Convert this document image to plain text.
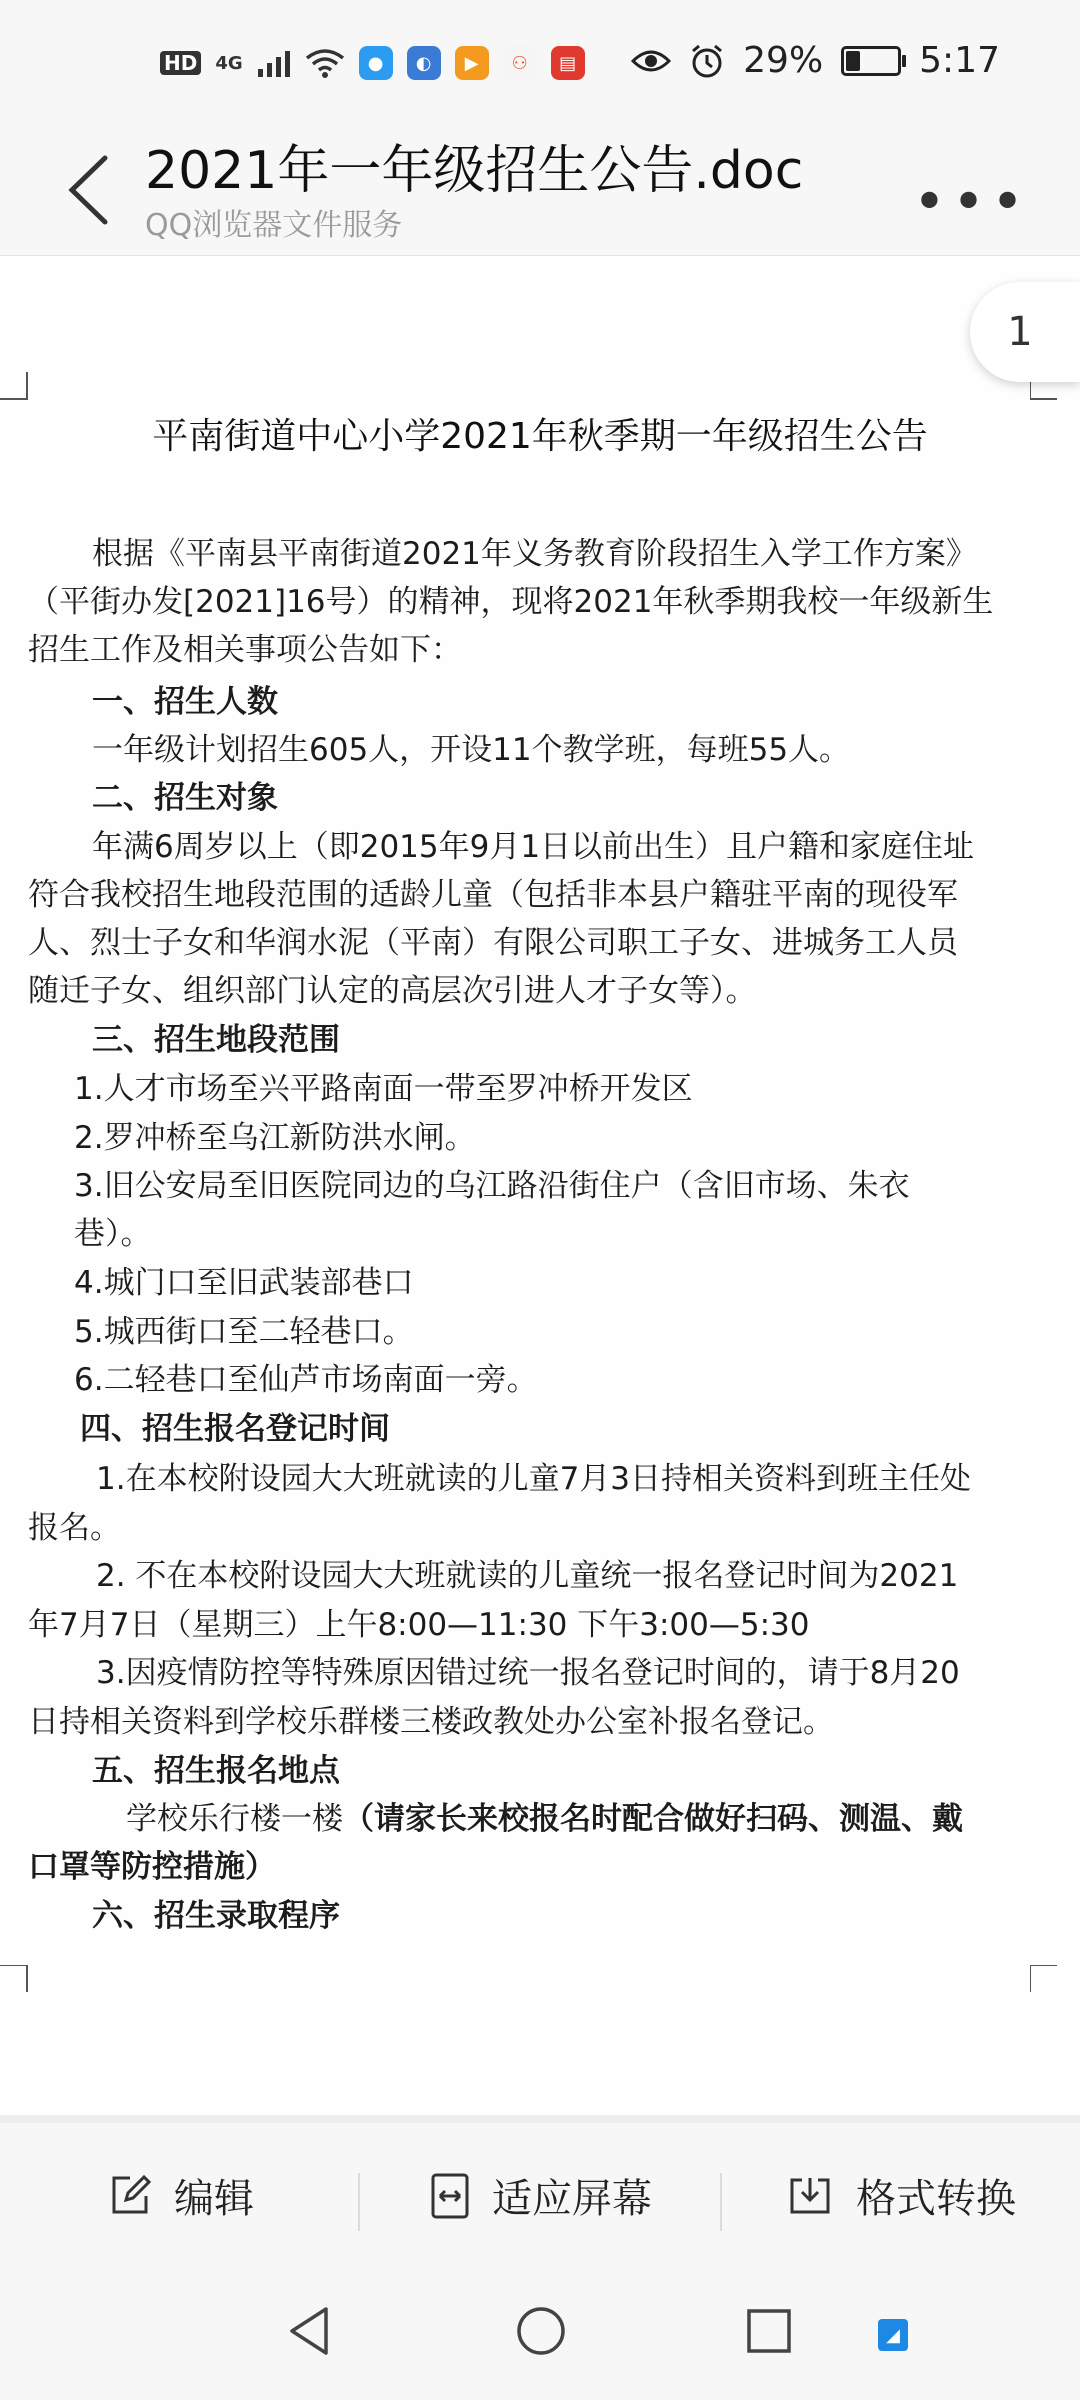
HD 4G	●	◐	▶	⚇	▤	29%	5:17
2021年一年级招生公告.doc
QQ浏览器文件服务	•••
1
平南街道中心小学2021年秋季期一年级招生公告
根据《平南县平南街道2021年义务教育阶段招生入学工作方案》
（平街办发[2021]16号）的精神，现将2021年秋季期我校一年级新生
招生工作及相关事项公告如下：
一、招生人数
一年级计划招生605人，开设11个教学班，每班55人。
二、招生对象
年满6周岁以上（即2015年9月1日以前出生）且户籍和家庭住址
符合我校招生地段范围的适龄儿童（包括非本县户籍驻平南的现役军
人、烈士子女和华润水泥（平南）有限公司职工子女、进城务工人员
随迁子女、组织部门认定的高层次引进人才子女等）。
三、招生地段范围
1.人才市场至兴平路南面一带至罗冲桥开发区
2.罗冲桥至乌江新防洪水闸。
3.旧公安局至旧医院同边的乌江路沿街住户（含旧市场、朱衣
巷）。
4.城门口至旧武装部巷口
5.城西街口至二轻巷口。
6.二轻巷口至仙芦市场南面一旁。
四、招生报名登记时间
1.在本校附设园大大班就读的儿童7月3日持相关资料到班主任处
报名。
2. 不在本校附设园大大班就读的儿童统一报名登记时间为2021
年7月7日（星期三）上午8:00—11:30 下午3:00—5:30
3.因疫情防控等特殊原因错过统一报名登记时间的，请于8月20
日持相关资料到学校乐群楼三楼政教处办公室补报名登记。
五、招生报名地点
学校乐行楼一楼（请家长来校报名时配合做好扫码、测温、戴
口罩等防控措施）
六、招生录取程序
编辑	适应屏幕	格式转换
◢
